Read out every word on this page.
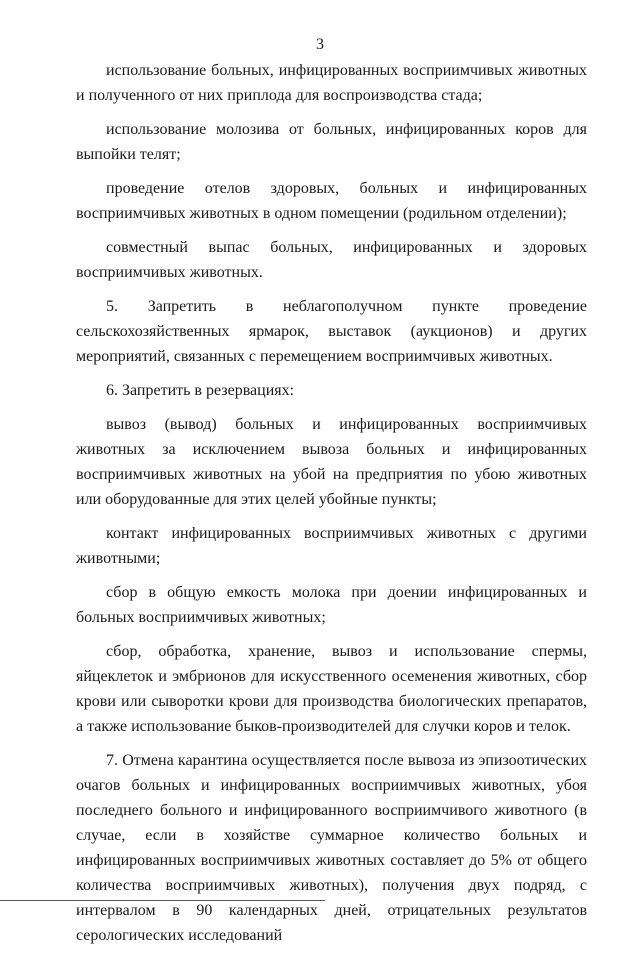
3

использование больных, инфицированных восприимчивых животных и полученного от них приплода для воспроизводства стада;

использование молозива от больных, инфицированных коров для выпойки телят;

проведение отелов здоровых, больных и инфицированных восприимчивых животных в одном помещении (родильном отделении);

совместный выпас больных, инфицированных и здоровых восприимчивых животных.

5. Запретить в неблагополучном пункте проведение сельскохозяйственных ярмарок, выставок (аукционов) и других мероприятий, связанных с перемещением восприимчивых животных.

6. Запретить в резервациях:

вывоз (вывод) больных и инфицированных восприимчивых животных за исключением вывоза больных и инфицированных восприимчивых животных на убой на предприятия по убою животных или оборудованные для этих целей убойные пункты;

контакт инфицированных восприимчивых животных с другими животными;

сбор в общую емкость молока при доении инфицированных и больных восприимчивых животных;

сбор, обработка, хранение, вывоз и использование спермы, яйцеклеток и эмбрионов для искусственного осеменения животных, сбор крови или сыворотки крови для производства биологических препаратов, а также использование быков-производителей для случки коров и телок.

7. Отмена карантина осуществляется после вывоза из эпизоотических очагов больных и инфицированных восприимчивых животных, убоя последнего больного и инфицированного восприимчивого животного (в случае, если в хозяйстве суммарное количество больных и инфицированных восприимчивых животных составляет до 5% от общего количества восприимчивых животных), получения двух подряд, с интервалом в 90 календарных дней, отрицательных результатов серологических исследований
